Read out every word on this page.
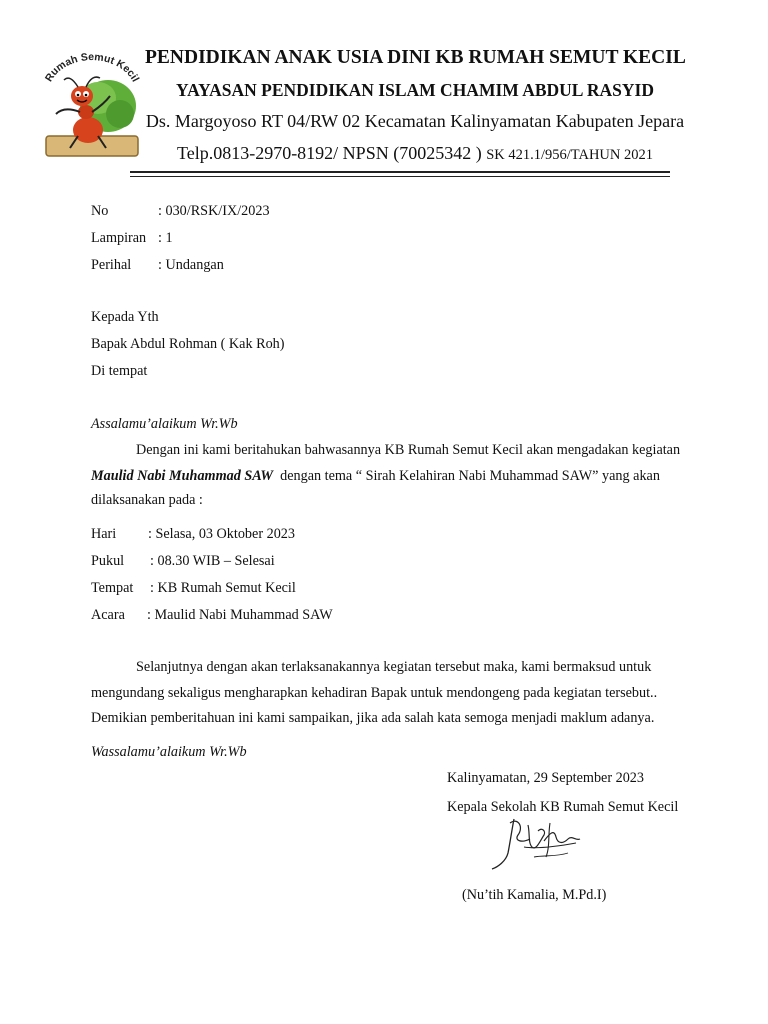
Rumah Semut Kecil
PENDIDIKAN ANAK USIA DINI KB RUMAH SEMUT KECIL
YAYASAN PENDIDIKAN ISLAM CHAMIM ABDUL RASYID
Ds. Margoyoso RT 04/RW 02 Kecamatan Kalinyamatan Kabupaten Jepara
Telp.0813-2970-8192/ NPSN (70025342 ) SK 421.1/956/TAHUN 2021
No	: 030/RSK/IX/2023
Lampiran : 1
Perihal : Undangan
Kepada Yth
Bapak Abdul Rohman ( Kak Roh)
Di tempat
Assalamu’alaikum Wr.Wb
Dengan ini kami beritahukan bahwasannya KB Rumah Semut Kecil akan mengadakan kegiatan
Maulid Nabi Muhammad SAW dengan tema “ Sirah Kelahiran Nabi Muhammad SAW” yang akan
dilaksanakan pada :
Hari : Selasa, 03 Oktober 2023
Pukul : 08.30 WIB – Selesai
Tempat : KB Rumah Semut Kecil
Acara : Maulid Nabi Muhammad SAW
Selanjutnya dengan akan terlaksanakannya kegiatan tersebut maka, kami bermaksud untuk
mengundang sekaligus mengharapkan kehadiran Bapak untuk mendongeng pada kegiatan tersebut..
Demikian pemberitahuan ini kami sampaikan, jika ada salah kata semoga menjadi maklum adanya.
Wassalamu’alaikum Wr.Wb
Kalinyamatan, 29 September 2023
Kepala Sekolah KB Rumah Semut Kecil
(Nu’tih Kamalia, M.Pd.I)
